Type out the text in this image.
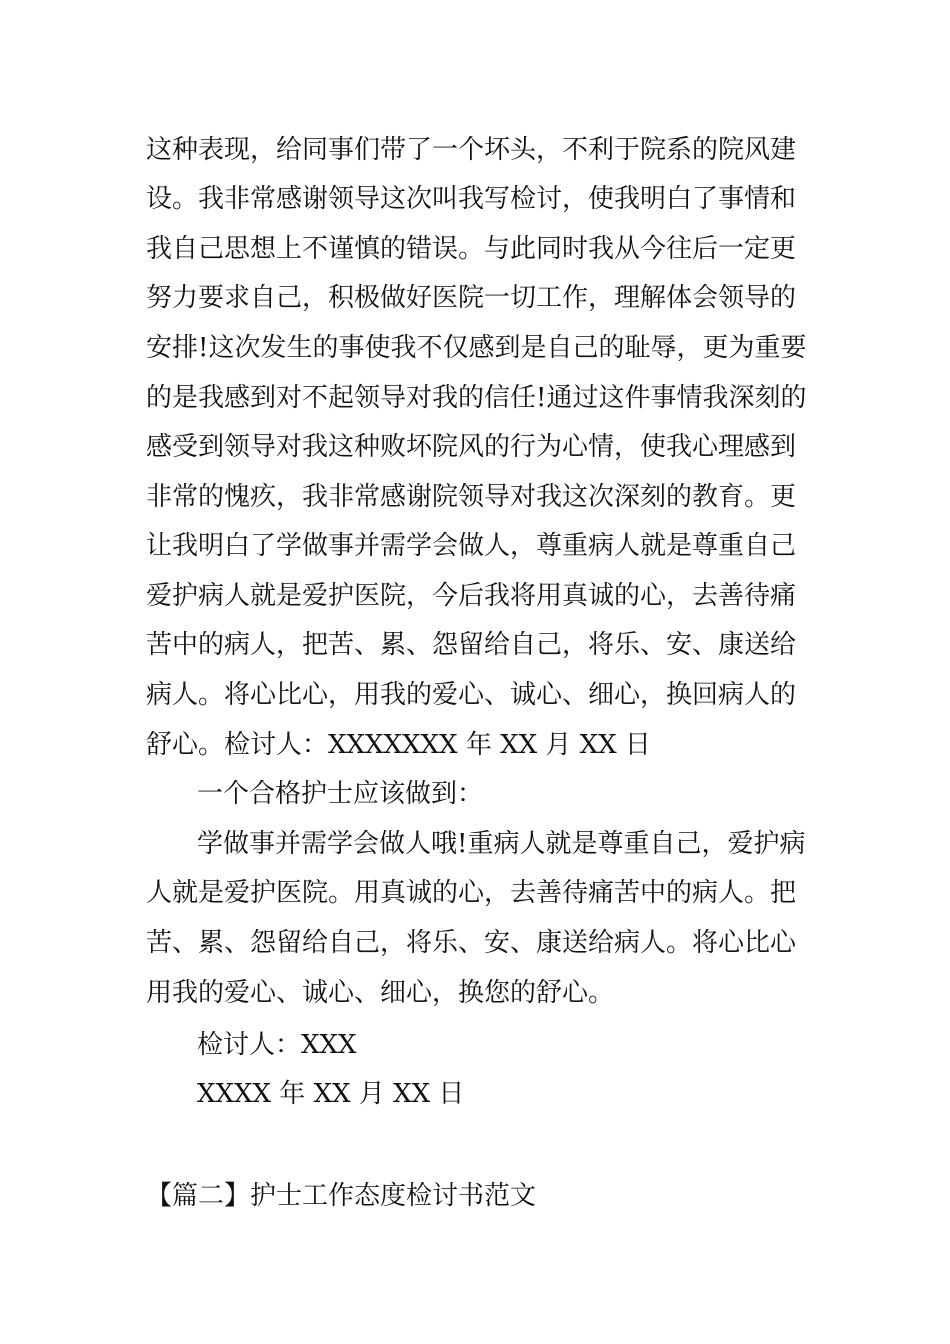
这种表现，给同事们带了一个坏头，不利于院系的院风建
设。我非常感谢领导这次叫我写检讨，使我明白了事情和
我自己思想上不谨慎的错误。与此同时我从今往后一定更
努力要求自己，积极做好医院一切工作，理解体会领导的
安排!这次发生的事使我不仅感到是自己的耻辱，更为重要
的是我感到对不起领导对我的信任!通过这件事情我深刻的
感受到领导对我这种败坏院风的行为心情，使我心理感到
非常的愧疚，我非常感谢院领导对我这次深刻的教育。更
让我明白了学做事并需学会做人，尊重病人就是尊重自己
爱护病人就是爱护医院，今后我将用真诚的心，去善待痛
苦中的病人，把苦、累、怨留给自己，将乐、安、康送给
病人。将心比心，用我的爱心、诚心、细心，换回病人的
舒心。检讨人：XXXXXXX 年 XX 月 XX 日
一个合格护士应该做到：
学做事并需学会做人哦!重病人就是尊重自己，爱护病
人就是爱护医院。用真诚的心，去善待痛苦中的病人。把
苦、累、怨留给自己，将乐、安、康送给病人。将心比心
用我的爱心、诚心、细心，换您的舒心。
检讨人：XXX
XXXX 年 XX 月 XX 日
【篇二】护士工作态度检讨书范文
